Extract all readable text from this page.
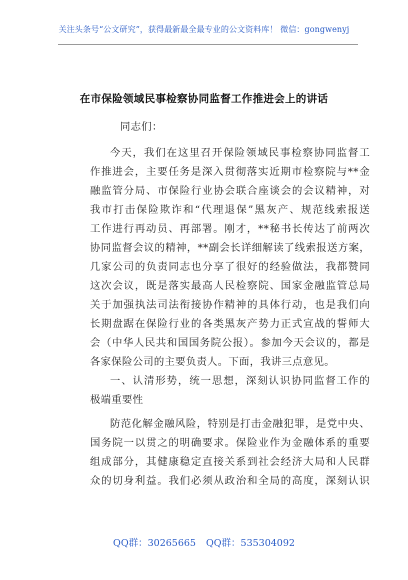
关注头条号“公文研究”，获得最新最全最专业的公文资料库！ 微信：gongwenyj
在市保险领域民事检察协同监督工作推进会上的讲话
同志们：
今天，我们在这里召开保险领域民事检察协同监督工
作推进会，主要任务是深入贯彻落实近期市检察院与**金
融监管分局、市保险行业协会联合座谈会的会议精神，对
我市打击保险欺诈和“代理退保”黑灰产、规范线索报送
工作进行再动员、再部署。刚才，**秘书长传达了前两次
协同监督会议的精神，**副会长详细解读了线索报送方案，
几家公司的负责同志也分享了很好的经验做法，我都赞同
这次会议，既是落实最高人民检察院、国家金融监管总局
关于加强执法司法衔接协作精神的具体行动，也是我们向
长期盘踞在保险行业的各类黑灰产势力正式宣战的誓师大
会（中华人民共和国国务院公报）。参加今天会议的，都是
各家保险公司的主要负责人。下面，我讲三点意见。
一、认清形势，统一思想，深刻认识协同监督工作的
极端重要性
防范化解金融风险，特别是打击金融犯罪，是党中央、
国务院一以贯之的明确要求。保险业作为金融体系的重要
组成部分，其健康稳定直接关系到社会经济大局和人民群
众的切身利益。我们必须从政治和全局的高度，深刻认识
QQ群：30265665 QQ群：535304092
